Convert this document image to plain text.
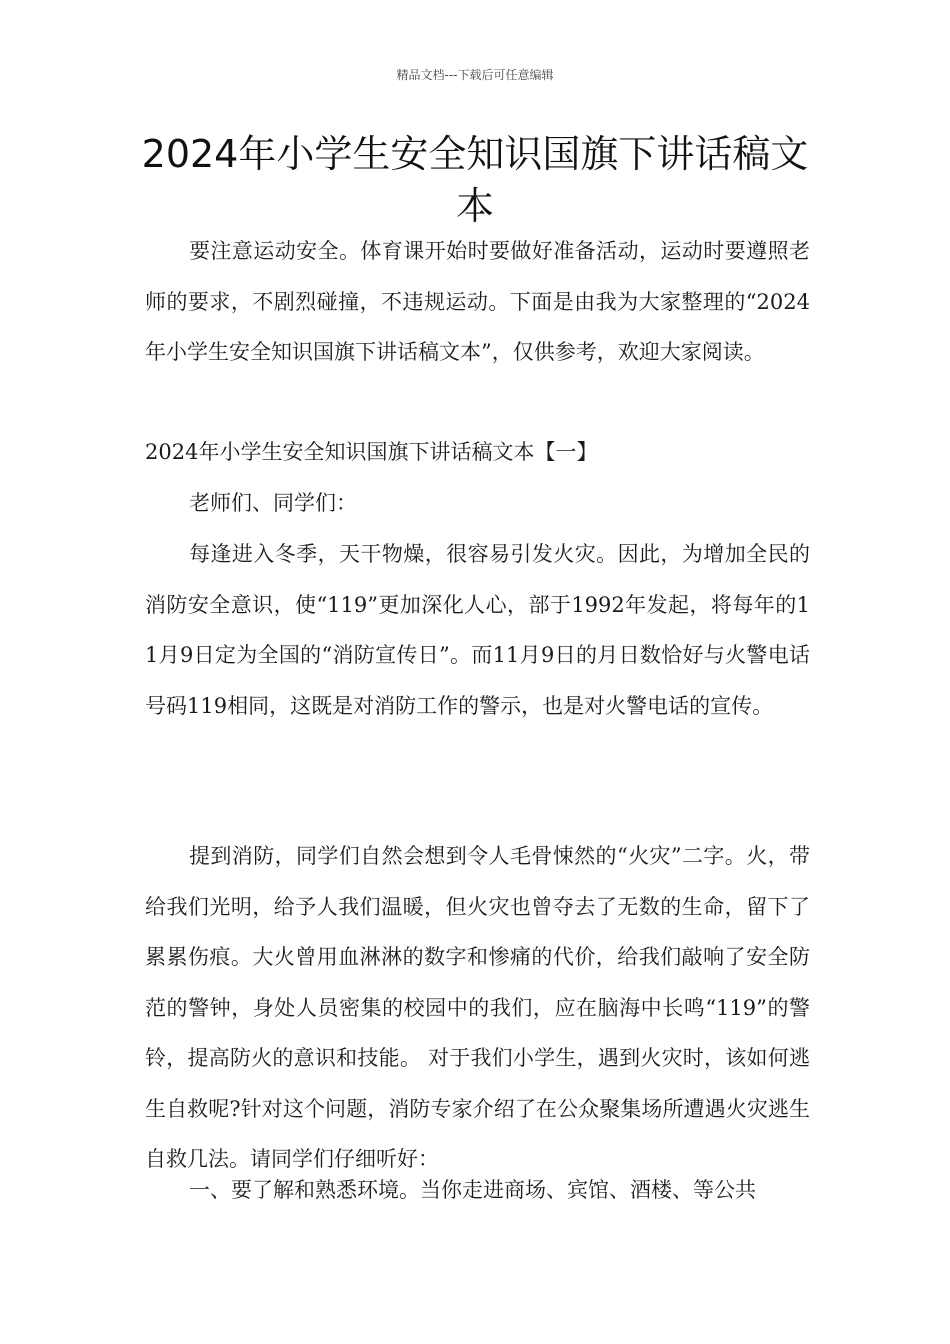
精品文档---下载后可任意编辑
2024年小学生安全知识国旗下讲话稿文本

要注意运动安全。体育课开始时要做好准备活动，运动时要遵照老师的要求，不剧烈碰撞，不违规运动。下面是由我为大家整理的“2024年小学生安全知识国旗下讲话稿文本”，仅供参考，欢迎大家阅读。

2024年小学生安全知识国旗下讲话稿文本【一】

老师们、同学们：

每逢进入冬季，天干物燥，很容易引发火灾。因此，为增加全民的消防安全意识，使“119”更加深化人心，部于1992年发起，将每年的11月9日定为全国的“消防宣传日”。而11月9日的月日数恰好与火警电话号码119相同，这既是对消防工作的警示，也是对火警电话的宣传。

提到消防，同学们自然会想到令人毛骨悚然的“火灾”二字。火，带给我们光明，给予人我们温暖，但火灾也曾夺去了无数的生命，留下了累累伤痕。大火曾用血淋淋的数字和惨痛的代价，给我们敲响了安全防范的警钟，身处人员密集的校园中的我们，应在脑海中长鸣“119”的警铃，提高防火的意识和技能。 对于我们小学生，遇到火灾时，该如何逃生自救呢?针对这个问题，消防专家介绍了在公众聚集场所遭遇火灾逃生自救几法。请同学们仔细听好：

一、要了解和熟悉环境。当你走进商场、宾馆、酒楼、等公共
